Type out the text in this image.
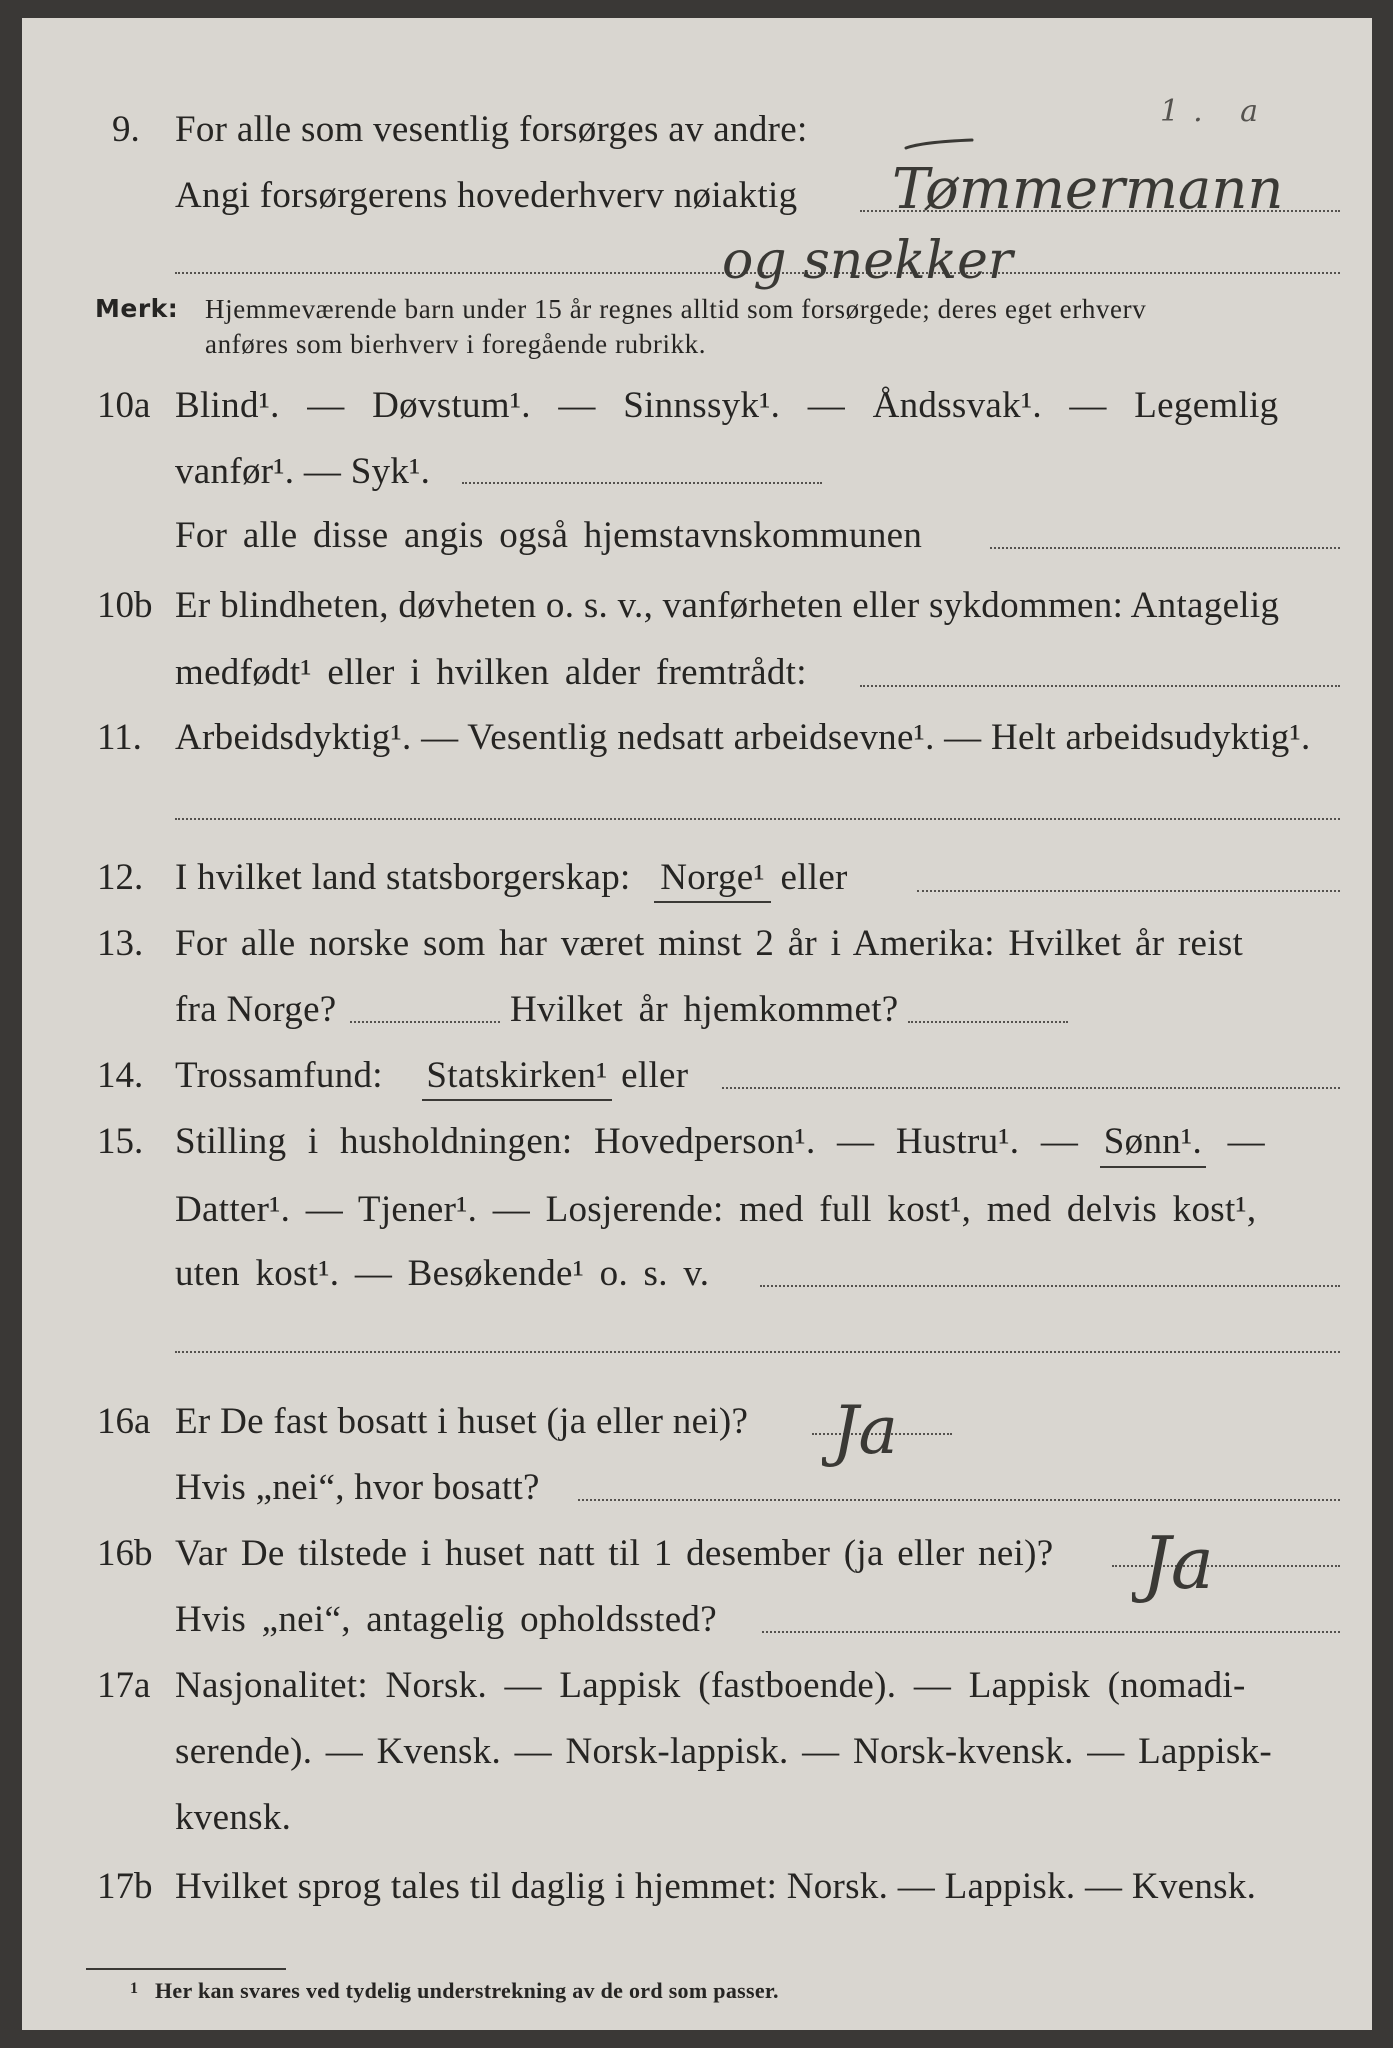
1. a
9. For alle som vesentlig forsørges av andre:
Angi forsørgerens hovederhverv nøiaktig Tømmermann
og snekker
Merk: Hjemmeværende barn under 15 år regnes alltid som forsørgede; deres eget erhverv
anføres som bierhverv i foregående rubrikk.
10a Blind¹. — Døvstum¹. — Sinnssyk¹. — Åndssvak¹. — Legemlig
vanfør¹. — Syk¹.
For alle disse angis også hjemstavnskommunen
10b Er blindheten, døvheten o. s. v., vanførheten eller sykdommen: Antagelig
medfødt¹ eller i hvilken alder fremtrådt:
11. Arbeidsdyktig¹. — Vesentlig nedsatt arbeidsevne¹. — Helt arbeidsudyktig¹.
12. I hvilket land statsborgerskap: Norge¹ eller
13. For alle norske som har været minst 2 år i Amerika: Hvilket år reist
fra Norge?	Hvilket år hjemkommet?
14. Trossamfund: Statskirken¹ eller
15. Stilling i husholdningen: Hovedperson¹. — Hustru¹. — Sønn¹. —
Datter¹. — Tjener¹. — Losjerende: med full kost¹, med delvis kost¹,
uten kost¹. — Besøkende¹ o. s. v.
16a Er De fast bosatt i huset (ja eller nei)? Ja
Hvis „nei“, hvor bosatt?
16b Var De tilstede i huset natt til 1 desember (ja eller nei)? Ja
Hvis „nei“, antagelig opholdssted?
17a Nasjonalitet: Norsk. — Lappisk (fastboende). — Lappisk (nomadi-
serende). — Kvensk. — Norsk-lappisk. — Norsk-kvensk. — Lappisk-
kvensk.
17b Hvilket sprog tales til daglig i hjemmet: Norsk. — Lappisk. — Kvensk.
1 Her kan svares ved tydelig understrekning av de ord som passer.
